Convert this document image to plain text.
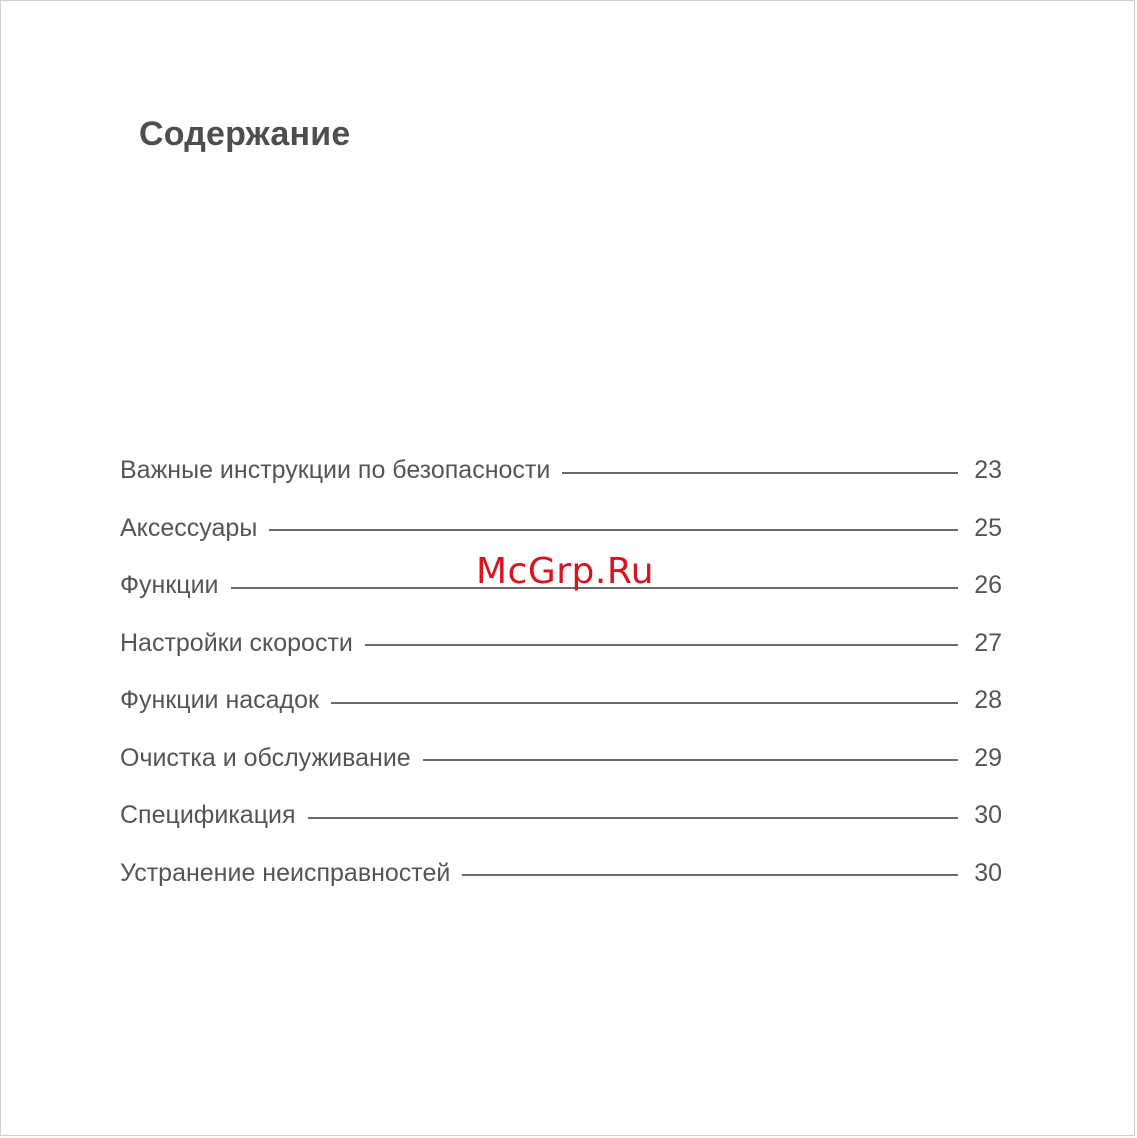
Содержание
Важные инструкции по безопасности	23
Аксессуары	25
Функции	26
Настройки скорости	27
Функции насадок	28
Очистка и обслуживание	29
Спецификация	30
Устранение неисправностей	30
McGrp.Ru
